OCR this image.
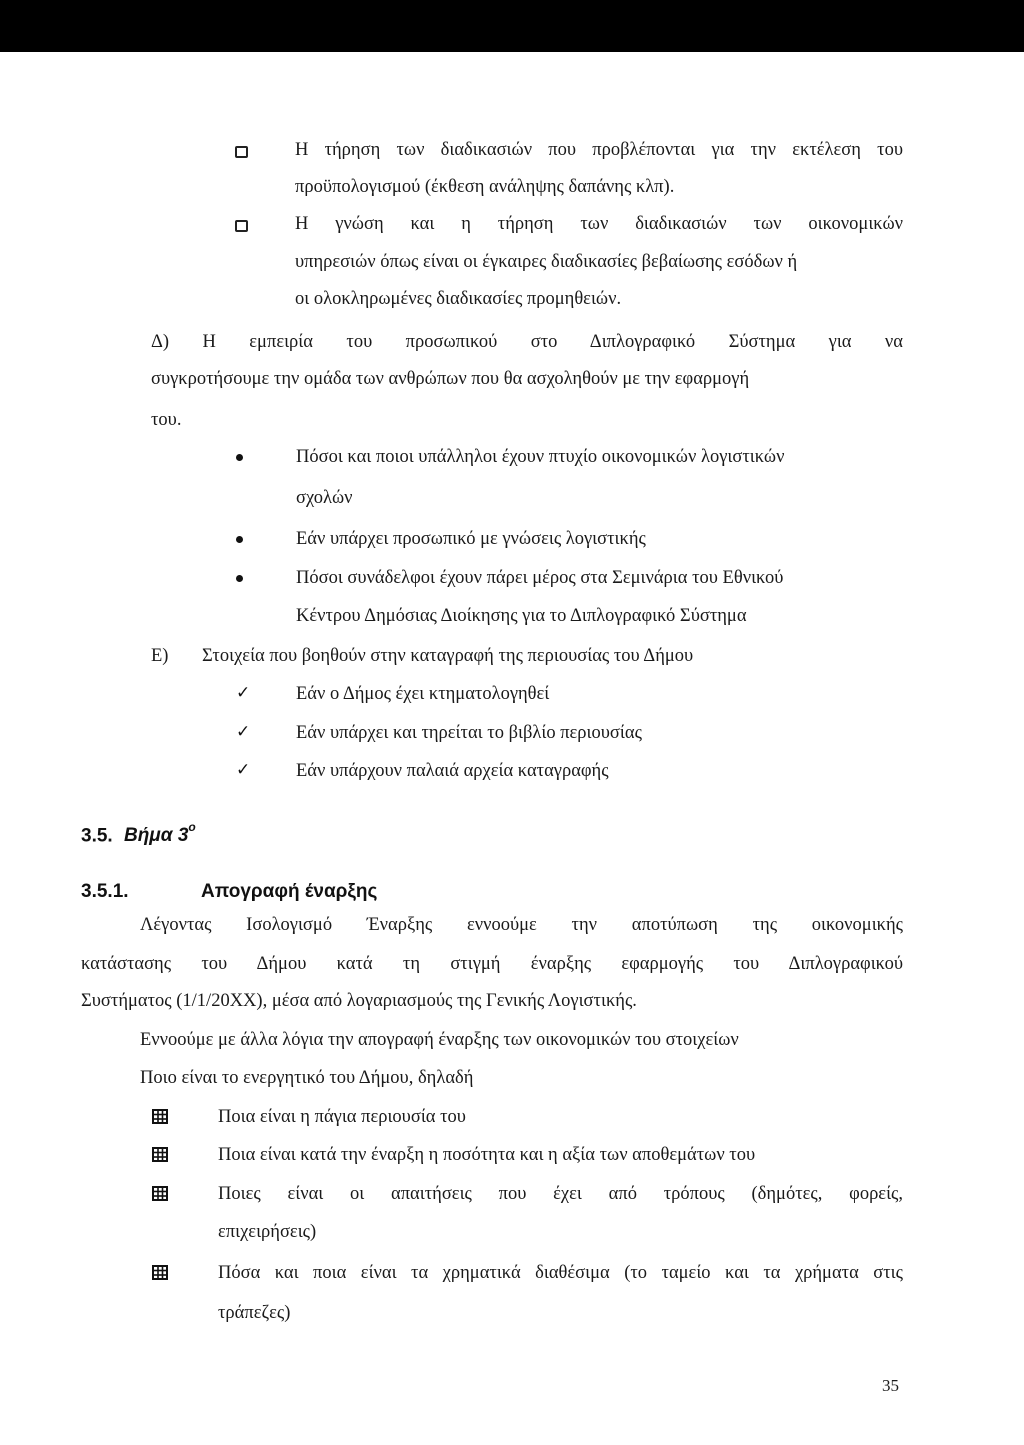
Η τήρηση των διαδικασιών που προβλέπονται για την εκτέλεση του
προϋπολογισμού (έκθεση ανάληψης δαπάνης κλπ).
Η γνώση και η τήρηση των διαδικασιών των οικονομικών
υπηρεσιών όπως είναι οι έγκαιρες διαδικασίες βεβαίωσης εσόδων ή
οι ολοκληρωμένες διαδικασίες προμηθειών.
Δ) Η εμπειρία του προσωπικού στο Διπλογραφικό Σύστημα για να
συγκροτήσουμε την ομάδα των ανθρώπων που θα ασχοληθούν με την εφαρμογή
του.
Πόσοι και ποιοι υπάλληλοι έχουν πτυχίο οικονομικών λογιστικών
σχολών
Εάν υπάρχει προσωπικό με γνώσεις λογιστικής
Πόσοι συνάδελφοι έχουν πάρει μέρος στα Σεμινάρια του Εθνικού
Κέντρου Δημόσιας Διοίκησης για το Διπλογραφικό Σύστημα
Ε) Στοιχεία που βοηθούν στην καταγραφή της περιουσίας του Δήμου
✓ Εάν ο Δήμος έχει κτηματολογηθεί
✓ Εάν υπάρχει και τηρείται το βιβλίο περιουσίας
✓ Εάν υπάρχουν παλαιά αρχεία καταγραφής
3.5. Βήμα $3^o$
3.5.1.	Απογραφή έναρξης
Λέγοντας Ισολογισμό Έναρξης εννοούμε την αποτύπωση της οικονομικής
κατάστασης του Δήμου κατά τη στιγμή έναρξης εφαρμογής του Διπλογραφικού
Συστήματος (1/1/20XX), μέσα από λογαριασμούς της Γενικής Λογιστικής.
Εννοούμε με άλλα λόγια την απογραφή έναρξης των οικονομικών του στοιχείων
Ποιο είναι το ενεργητικό του Δήμου, δηλαδή
Ποια είναι η πάγια περιουσία του
Ποια είναι κατά την έναρξη η ποσότητα και η αξία των αποθεμάτων του
Ποιες είναι οι απαιτήσεις που έχει από τρόπους (δημότες, φορείς,
επιχειρήσεις)
Πόσα και ποια είναι τα χρηματικά διαθέσιμα (το ταμείο και τα χρήματα στις
τράπεζες)
35
